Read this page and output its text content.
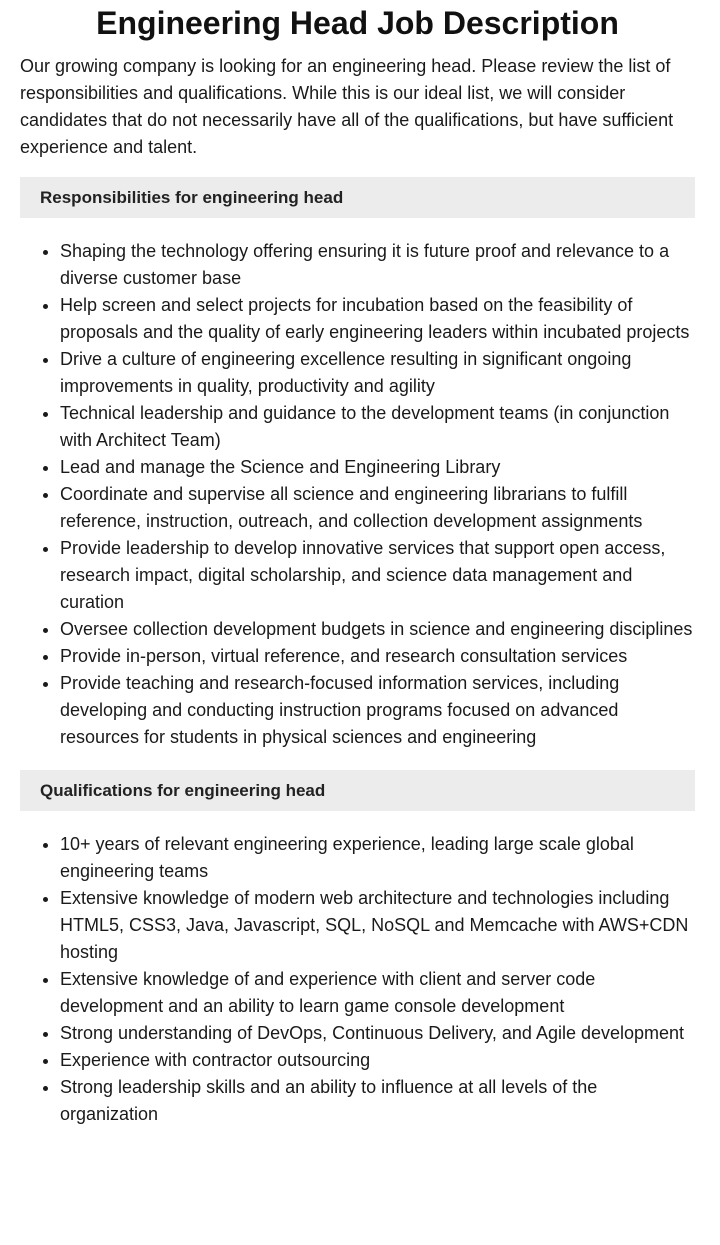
Engineering Head Job Description

Our growing company is looking for an engineering head. Please review the list of responsibilities and qualifications. While this is our ideal list, we will consider candidates that do not necessarily have all of the qualifications, but have sufficient experience and talent.

Responsibilities for engineering head
• Shaping the technology offering ensuring it is future proof and relevance to a diverse customer base
• Help screen and select projects for incubation based on the feasibility of proposals and the quality of early engineering leaders within incubated projects
• Drive a culture of engineering excellence resulting in significant ongoing improvements in quality, productivity and agility
• Technical leadership and guidance to the development teams (in conjunction with Architect Team)
• Lead and manage the Science and Engineering Library
• Coordinate and supervise all science and engineering librarians to fulfill reference, instruction, outreach, and collection development assignments
• Provide leadership to develop innovative services that support open access, research impact, digital scholarship, and science data management and curation
• Oversee collection development budgets in science and engineering disciplines
• Provide in-person, virtual reference, and research consultation services
• Provide teaching and research-focused information services, including developing and conducting instruction programs focused on advanced resources for students in physical sciences and engineering
Qualifications for engineering head
• 10+ years of relevant engineering experience, leading large scale global engineering teams
• Extensive knowledge of modern web architecture and technologies including HTML5, CSS3, Java, Javascript, SQL, NoSQL and Memcache with AWS+CDN hosting
• Extensive knowledge of and experience with client and server code development and an ability to learn game console development
• Strong understanding of DevOps, Continuous Delivery, and Agile development
• Experience with contractor outsourcing
• Strong leadership skills and an ability to influence at all levels of the organization
